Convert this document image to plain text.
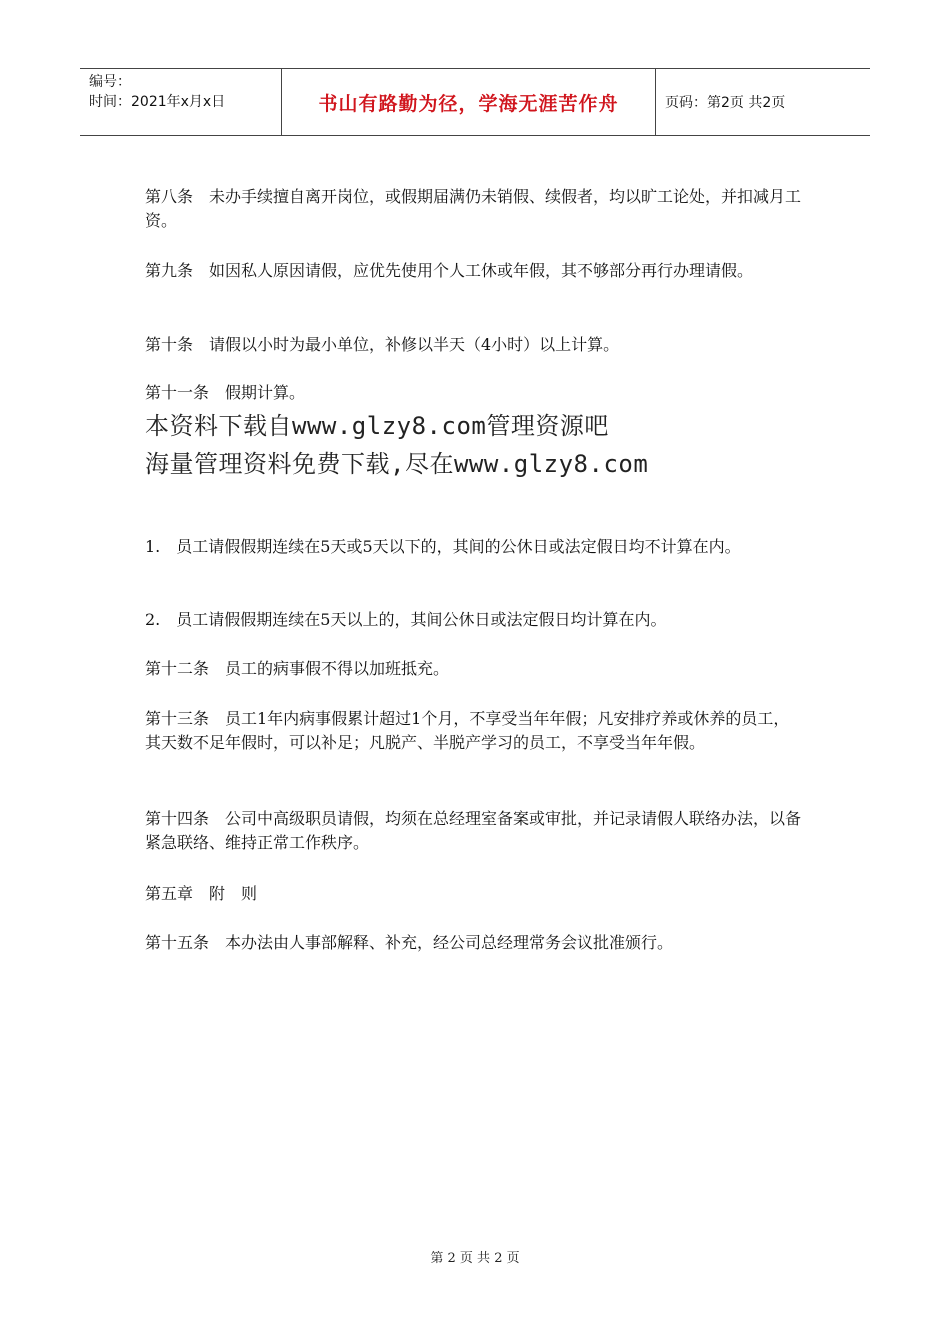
编号：
时间：2021年x月x日	书山有路勤为径，学海无涯苦作舟	页码：第2页 共2页

第八条　未办手续擅自离开岗位，或假期届满仍未销假、续假者，均以旷工论处，并扣减月工资。

第九条　如因私人原因请假，应优先使用个人工休或年假，其不够部分再行办理请假。

第十条　请假以小时为最小单位，补修以半天（4小时）以上计算。

第十一条　假期计算。

本资料下载自www.glzy8.com管理资源吧
海量管理资料免费下载,尽在www.glzy8.com

1.　员工请假假期连续在5天或5天以下的，其间的公休日或法定假日均不计算在内。

2.　员工请假假期连续在5天以上的，其间公休日或法定假日均计算在内。

第十二条　员工的病事假不得以加班抵充。

第十三条　员工1年内病事假累计超过1个月，不享受当年年假；凡安排疗养或休养的员工，其天数不足年假时，可以补足；凡脱产、半脱产学习的员工，不享受当年年假。

第十四条　公司中高级职员请假，均须在总经理室备案或审批，并记录请假人联络办法，以备紧急联络、维持正常工作秩序。

第五章　附　则

第十五条　本办法由人事部解释、补充，经公司总经理常务会议批准颁行。

第 2 页 共 2 页
